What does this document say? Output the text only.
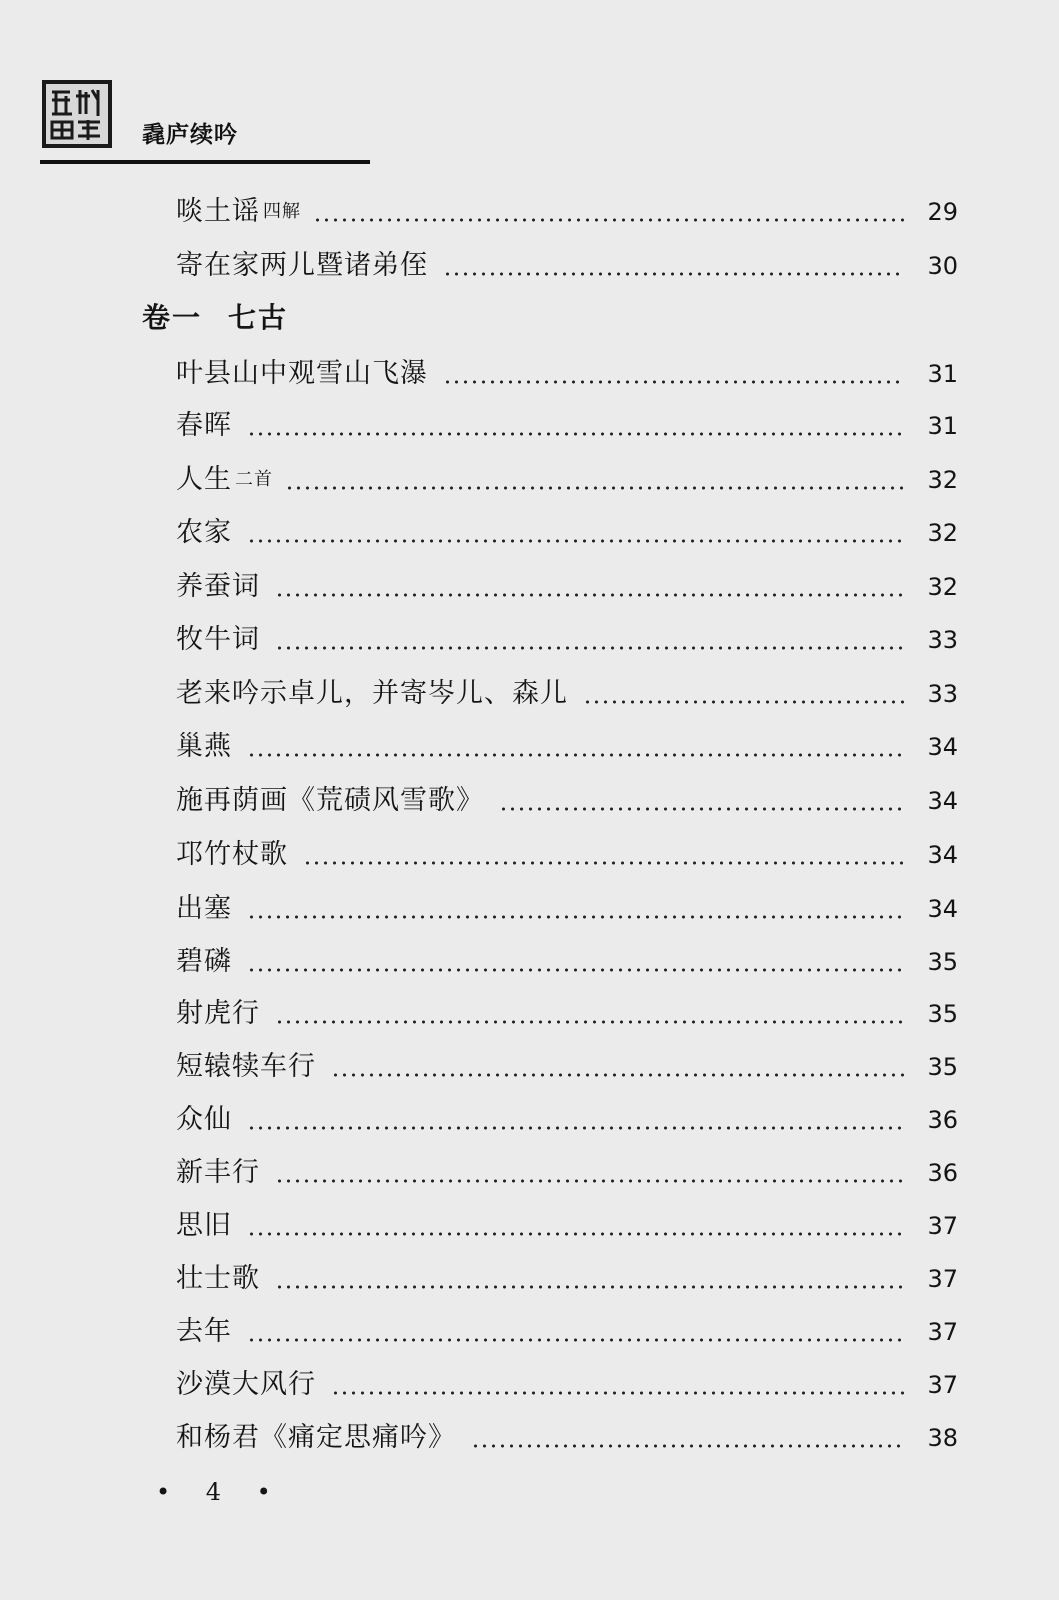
毳庐续吟
啖土谣 四解	29
寄在家两儿暨诸弟侄	30
卷一 七古
叶县山中观雪山飞瀑	31
春晖	31
人生 二首	32
农家	32
养蚕词	32
牧牛词	33
老来吟示卓儿，并寄岑儿、森儿	33
巢燕	34
施再荫画《荒碛风雪歌》	34
邛竹杖歌	34
出塞	34
碧磷	35
射虎行	35
短辕犊车行	35
众仙	36
新丰行	36
思旧	37
壮士歌	37
去年	37
沙漠大风行	37
和杨君《痛定思痛吟》	38
• 4 •
